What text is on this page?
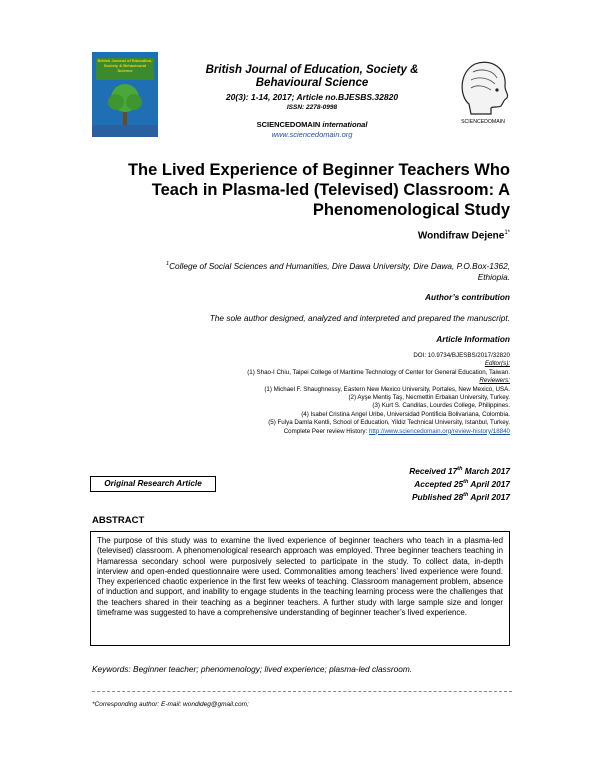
British Journal of Education, Society & Behavioural Science	British Journal of Education, Society &
Behavioural Science
20(3): 1-14, 2017; Article no.BJESBS.32820
ISSN: 2278-0998
SCIENCEDOMAIN international
www.sciencedomain.org
SCIENCEDOMAIN
The Lived Experience of Beginner Teachers Who
Teach in Plasma-led (Televised) Classroom: A
Phenomenological Study
Wondifraw Dejene$^{1*}$
$^1$College of Social Sciences and Humanities, Dire Dawa University, Dire Dawa, P.O.Box-1362,
Ethiopia.
Author’s contribution
The sole author designed, analyzed and interpreted and prepared the manuscript.
Article Information
DOI: 10.9734/BJESBS/2017/32820
Editor(s):
(1) Shao-I Chiu, Taipei College of Maritime Technology of Center for General Education, Taiwan.
Reviewers:
(1) Michael F. Shaughnessy, Eastern New Mexico University, Portales, New Mexico, USA.
(2) Ayşe Mentiş Taş, Necmettin Erbakan University, Turkey.
(3) Kurt S. Candilas, Lourdes College, Philippines.
(4) Isabel Cristina Angel Uribe, Universidad Pontificia Bolivariana, Colombia.
(5) Fulya Damla Kentli, School of Education, Yildiz Technical University, Istanbul, Turkey.
Complete Peer review History: http://www.sciencedomain.org/review-history/18840
Received 17th March 2017
Accepted 25th April 2017
Published 28th April 2017
Original Research Article
ABSTRACT
The purpose of this study was to examine the lived experience of beginner teachers who teach in a plasma-led (televised) classroom. A phenomenological research approach was employed. Three beginner teachers teaching in Hamaressa secondary school were purposively selected to participate in the study. To collect data, in-depth interview and open-ended questionnaire were used. Commonalities among teachers’ lived experience were found. They experienced chaotic experience in the first few weeks of teaching. Classroom management problem, absence of induction and support, and inability to engage students in the teaching learning process were the challenges that the teachers shared in their teaching as a beginner teachers. A further study with large sample size and longer timeframe was suggested to have a comprehensive understanding of beginner teacher’s lived experience.
Keywords: Beginner teacher; phenomenology; lived experience; plasma-led classroom.
*Corresponding author: E-mail: wondideg@gmail.com;
